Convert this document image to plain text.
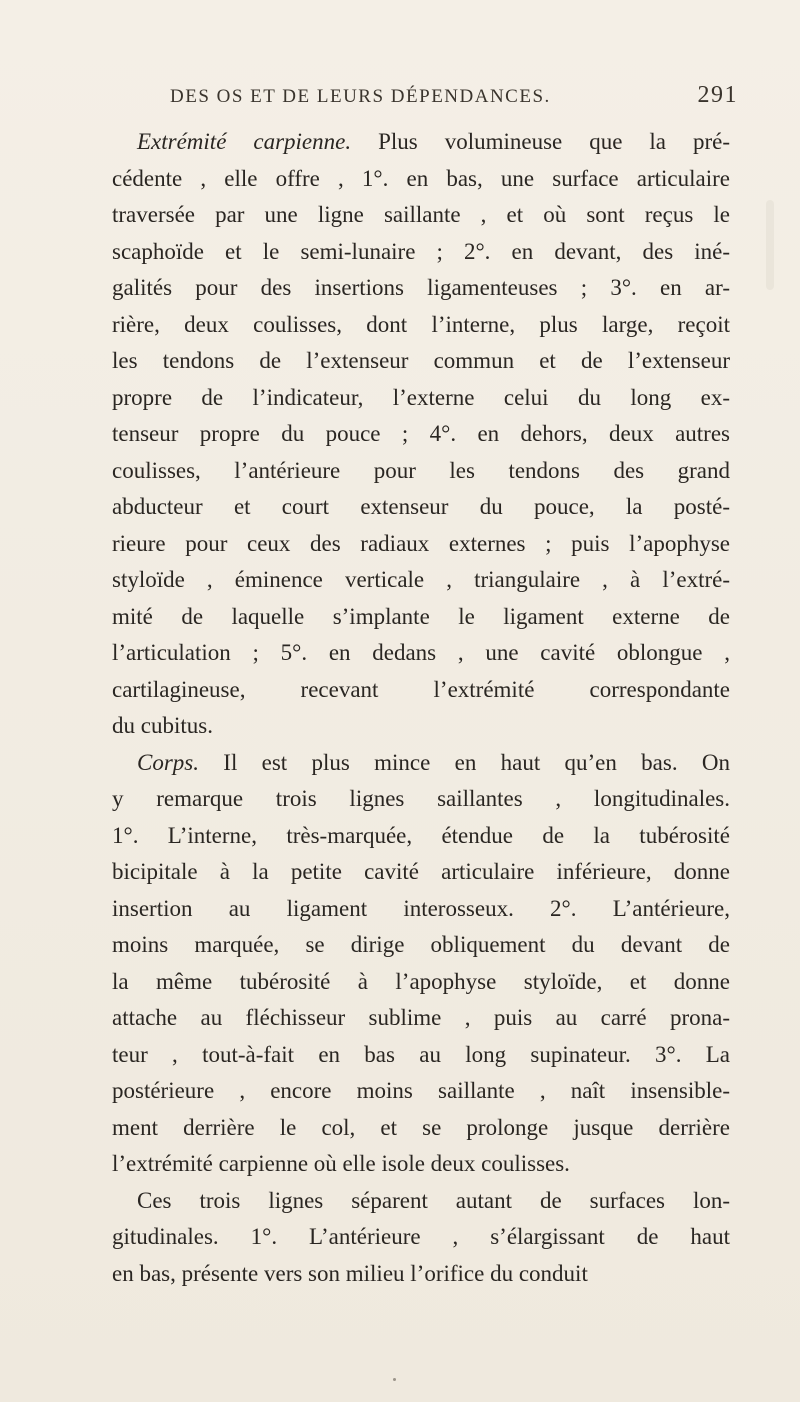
DES OS ET DE LEURS DÉPENDANCES.	291
Extrémité carpienne. Plus volumineuse que la pré-
cédente , elle offre , 1°. en bas, une surface articulaire
traversée par une ligne saillante , et où sont reçus le
scaphoïde et le semi-lunaire ; 2°. en devant, des iné-
galités pour des insertions ligamenteuses ; 3°. en ar-
rière, deux coulisses, dont l’interne, plus large, reçoit
les tendons de l’extenseur commun et de l’extenseur
propre de l’indicateur, l’externe celui du long ex-
tenseur propre du pouce ; 4°. en dehors, deux autres
coulisses, l’antérieure pour les tendons des grand
abducteur et court extenseur du pouce, la posté-
rieure pour ceux des radiaux externes ; puis l’apophyse
styloïde , éminence verticale , triangulaire , à l’extré-
mité de laquelle s’implante le ligament externe de
l’articulation ; 5°. en dedans , une cavité oblongue ,
cartilagineuse, recevant l’extrémité correspondante
du cubitus.
Corps. Il est plus mince en haut qu’en bas. On
y remarque trois lignes saillantes , longitudinales.
1°. L’interne, très-marquée, étendue de la tubérosité
bicipitale à la petite cavité articulaire inférieure, donne
insertion au ligament interosseux. 2°. L’antérieure,
moins marquée, se dirige obliquement du devant de
la même tubérosité à l’apophyse styloïde, et donne
attache au fléchisseur sublime , puis au carré prona-
teur , tout-à-fait en bas au long supinateur. 3°. La
postérieure , encore moins saillante , naît insensible-
ment derrière le col, et se prolonge jusque derrière
l’extrémité carpienne où elle isole deux coulisses.
Ces trois lignes séparent autant de surfaces lon-
gitudinales. 1°. L’antérieure , s’élargissant de haut
en bas, présente vers son milieu l’orifice du conduit
